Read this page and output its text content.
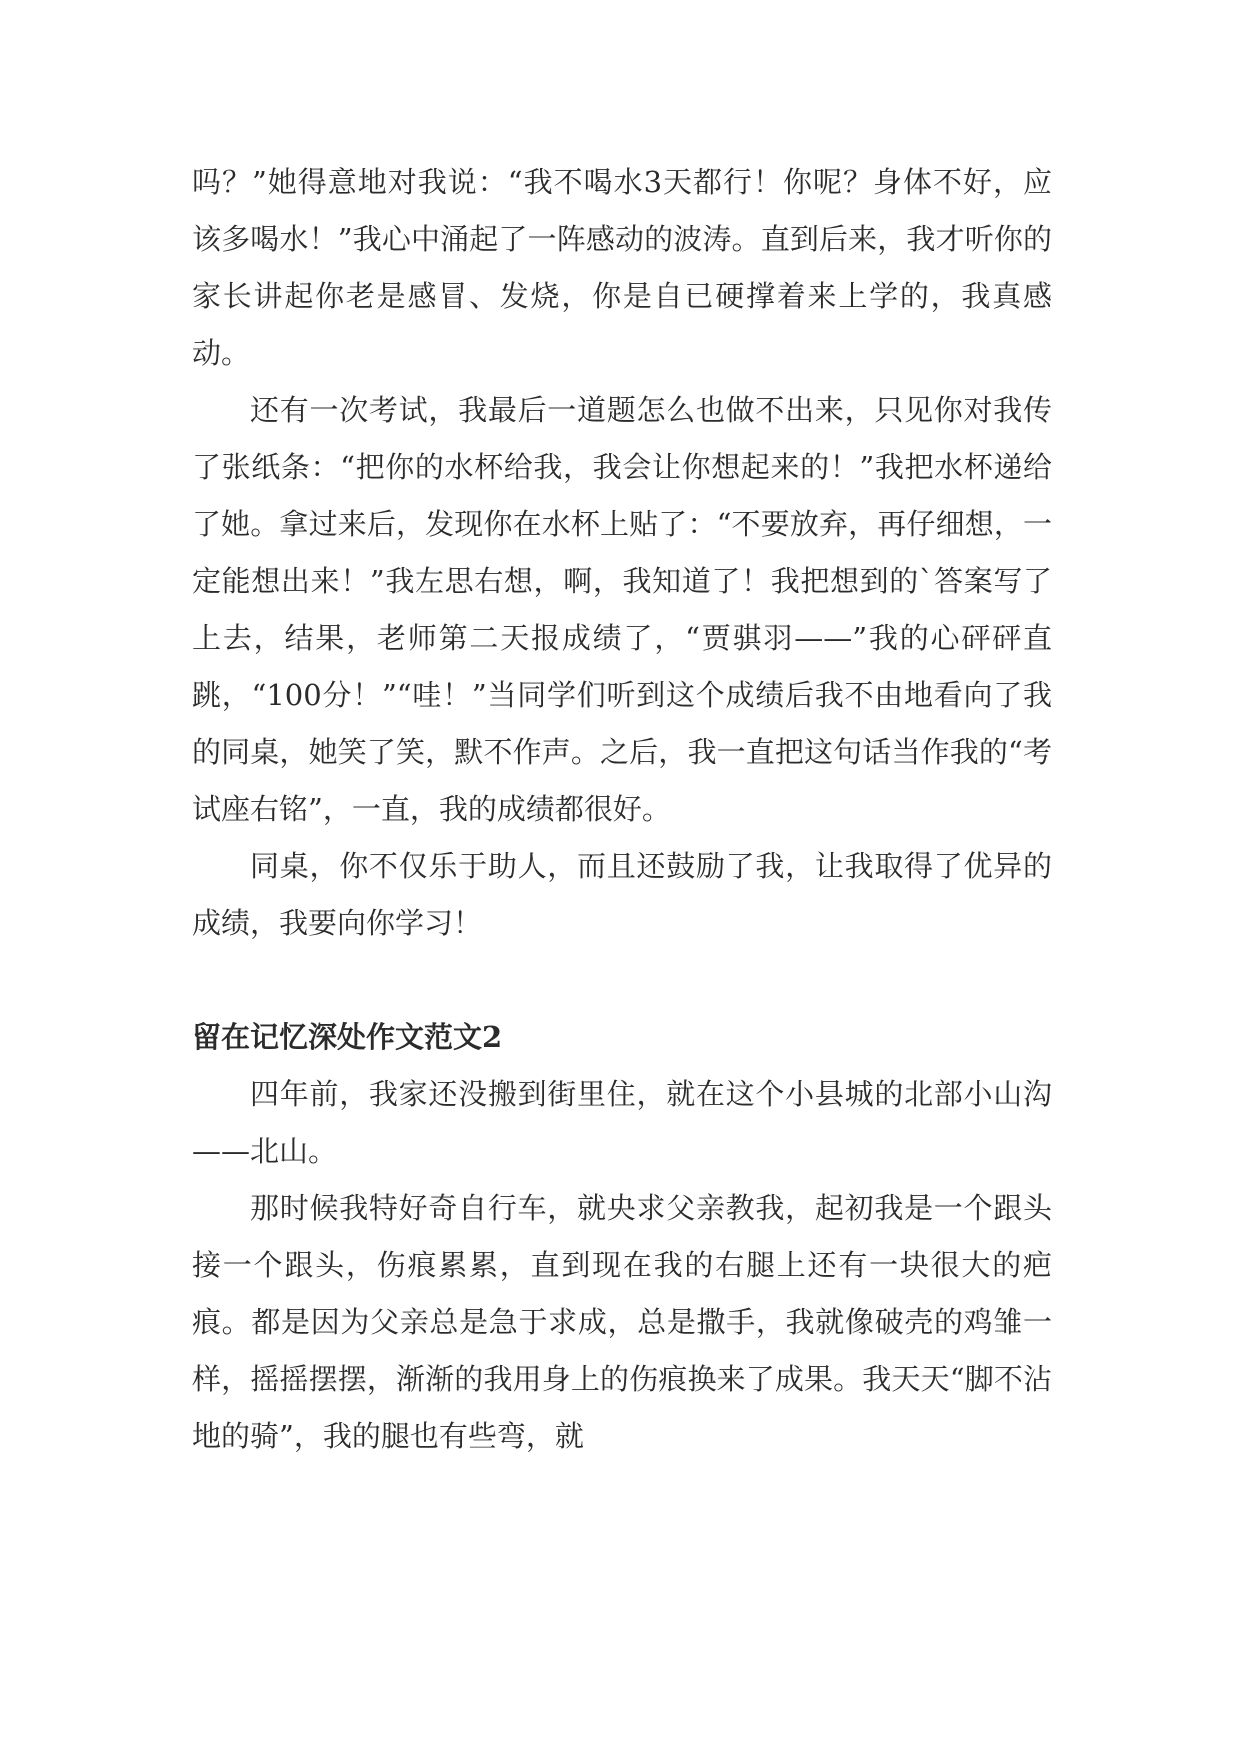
吗？”她得意地对我说：“我不喝水3天都行！你呢？身体不好，应该多喝水！”我心中涌起了一阵感动的波涛。直到后来，我才听你的家长讲起你老是感冒、发烧，你是自已硬撑着来上学的，我真感动。

还有一次考试，我最后一道题怎么也做不出来，只见你对我传了张纸条：“把你的水杯给我，我会让你想起来的！”我把水杯递给了她。拿过来后，发现你在水杯上贴了：“不要放弃，再仔细想，一定能想出来！”我左思右想，啊，我知道了！我把想到的`答案写了上去，结果，老师第二天报成绩了，“贾骐羽——”我的心砰砰直跳，“100分！”“哇！”当同学们听到这个成绩后我不由地看向了我的同桌，她笑了笑，默不作声。之后，我一直把这句话当作我的“考试座右铭”，一直，我的成绩都很好。

同桌，你不仅乐于助人，而且还鼓励了我，让我取得了优异的成绩，我要向你学习！

留在记忆深处作文范文2

四年前，我家还没搬到街里住，就在这个小县城的北部小山沟——北山。

那时候我特好奇自行车，就央求父亲教我，起初我是一个跟头接一个跟头，伤痕累累，直到现在我的右腿上还有一块很大的疤痕。都是因为父亲总是急于求成，总是撒手，我就像破壳的鸡雏一样，摇摇摆摆，渐渐的我用身上的伤痕换来了成果。我天天“脚不沾地的骑”，我的腿也有些弯，就
